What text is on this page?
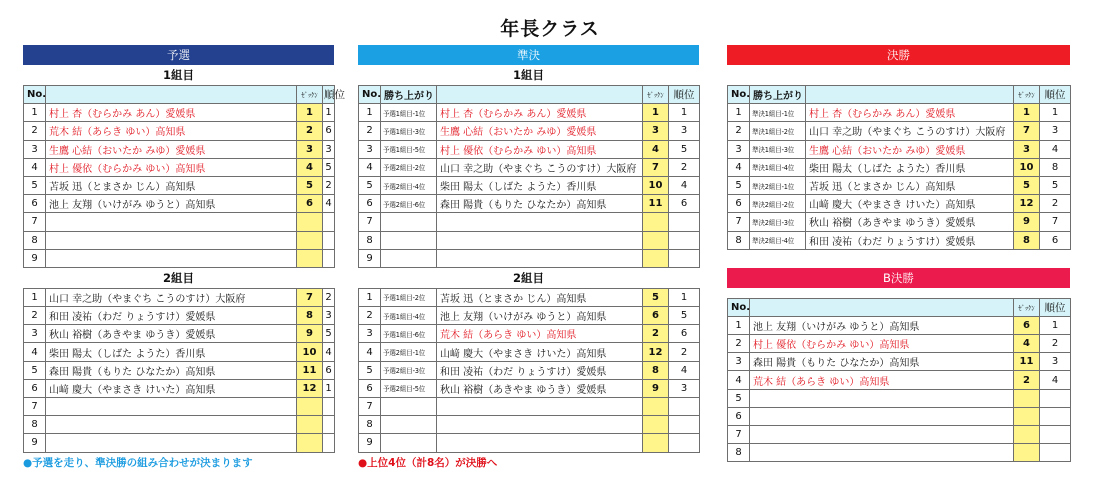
年長クラス
予選
1組目
No.		ｾﾞｯｹﾝ	順位
1	村上 杏（むらかみ あん）愛媛県	1	1
2	荒木 結（あらき ゆい）高知県	2	6
3	生鷹 心結（おいたか みゆ）愛媛県	3	3
4	村上 優依（むらかみ ゆい）高知県	4	5
5	苫坂 迅（とまさか じん）高知県	5	2
6	池上 友翔（いけがみ ゆうと）高知県	6	4
7			
8			
9			
2組目
1	山口 幸之助（やまぐち こうのすけ）大阪府	7	2
2	和田 凌祐（わだ りょうすけ）愛媛県	8	3
3	秋山 裕樹（あきやま ゆうき）愛媛県	9	5
4	柴田 陽太（しばた ようた）香川県	10	4
5	森田 陽貴（もりた ひなたか）高知県	11	6
6	山﨑 慶大（やまさき けいた）高知県	12	1
7			
8			
9			
●予選を走り、準決勝の組み合わせが決まります
準決
1組目
No.	勝ち上がり		ｾﾞｯｹﾝ	順位
1	予選1組目-1位	村上 杏（むらかみ あん）愛媛県	1	1
2	予選1組目-3位	生鷹 心結（おいたか みゆ）愛媛県	3	3
3	予選1組目-5位	村上 優依（むらかみ ゆい）高知県	4	5
4	予選2組目-2位	山口 幸之助（やまぐち こうのすけ）大阪府	7	2
5	予選2組目-4位	柴田 陽太（しばた ようた）香川県	10	4
6	予選2組目-6位	森田 陽貴（もりた ひなたか）高知県	11	6
7				
8				
9				
2組目
1	予選1組目-2位	苫坂 迅（とまさか じん）高知県	5	1
2	予選1組目-4位	池上 友翔（いけがみ ゆうと）高知県	6	5
3	予選1組目-6位	荒木 結（あらき ゆい）高知県	2	6
4	予選2組目-1位	山﨑 慶大（やまさき けいた）高知県	12	2
5	予選2組目-3位	和田 凌祐（わだ りょうすけ）愛媛県	8	4
6	予選2組目-5位	秋山 裕樹（あきやま ゆうき）愛媛県	9	3
7				
8				
9				
●上位4位（計8名）が決勝へ
決勝
No.	勝ち上がり		ｾﾞｯｹﾝ	順位
1	準決1組目-1位	村上 杏（むらかみ あん）愛媛県	1	1
2	準決1組目-2位	山口 幸之助（やまぐち こうのすけ）大阪府	7	3
3	準決1組目-3位	生鷹 心結（おいたか みゆ）愛媛県	3	4
4	準決1組目-4位	柴田 陽太（しばた ようた）香川県	10	8
5	準決2組目-1位	苫坂 迅（とまさか じん）高知県	5	5
6	準決2組目-2位	山﨑 慶大（やまさき けいた）高知県	12	2
7	準決2組目-3位	秋山 裕樹（あきやま ゆうき）愛媛県	9	7
8	準決2組目-4位	和田 凌祐（わだ りょうすけ）愛媛県	8	6
B決勝
No.		ｾﾞｯｹﾝ	順位
1	池上 友翔（いけがみ ゆうと）高知県	6	1
2	村上 優依（むらかみ ゆい）高知県	4	2
3	森田 陽貴（もりた ひなたか）高知県	11	3
4	荒木 結（あらき ゆい）高知県	2	4
5			
6			
7			
8			
